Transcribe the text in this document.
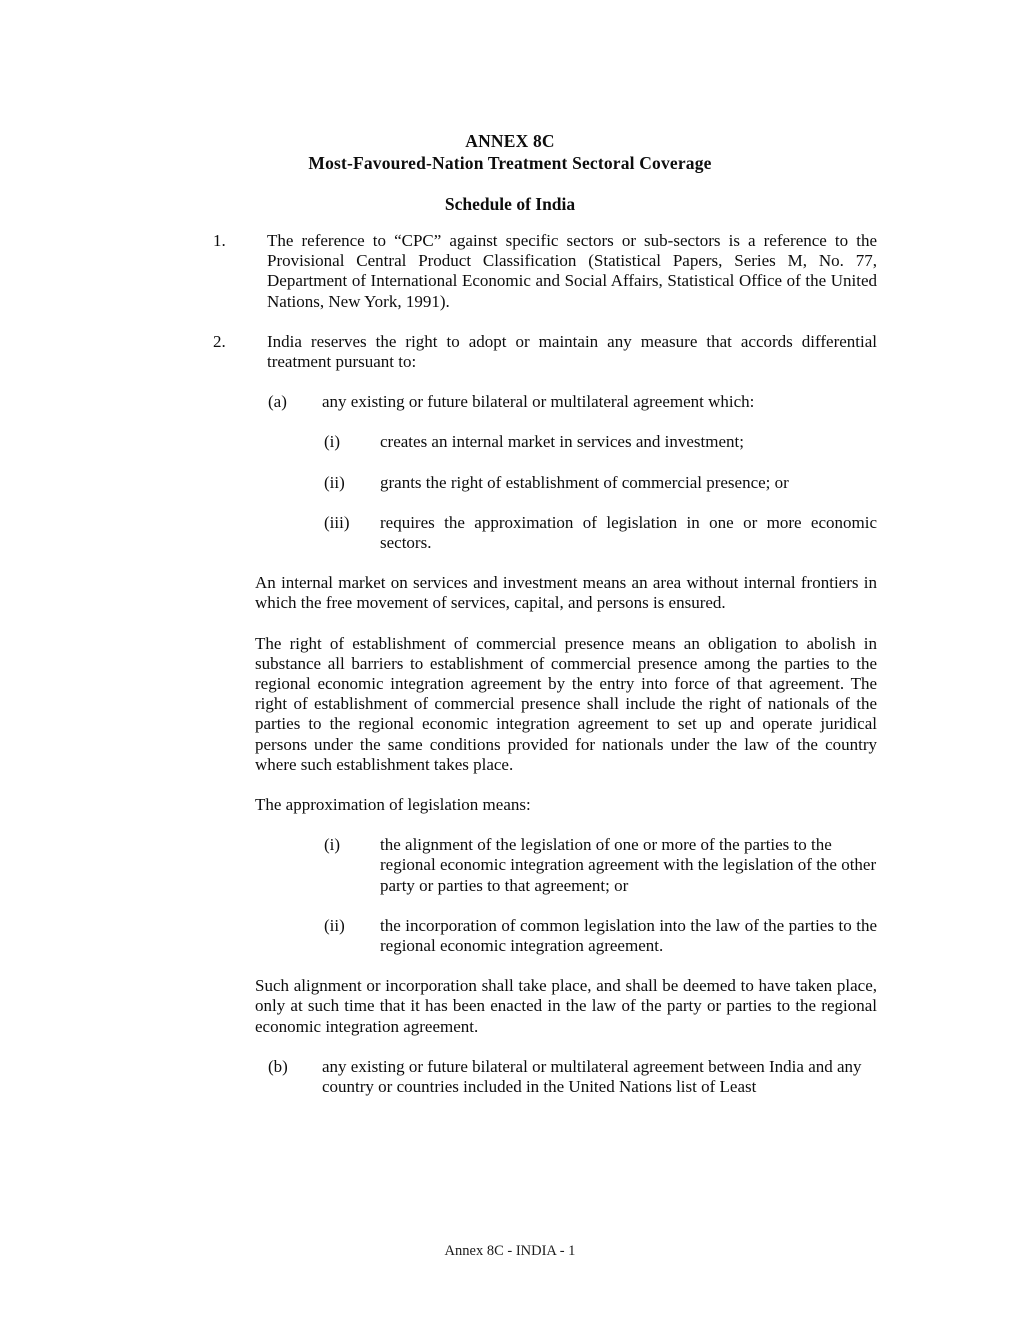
ANNEX 8C
Most-Favoured-Nation Treatment Sectoral Coverage
Schedule of India
1.	The reference to “CPC” against specific sectors or sub-sectors is a reference to the Provisional Central Product Classification (Statistical Papers, Series M, No. 77, Department of International Economic and Social Affairs, Statistical Office of the United Nations, New York, 1991).
2.	India reserves the right to adopt or maintain any measure that accords differential treatment pursuant to:
(a)	any existing or future bilateral or multilateral agreement which:
(i)	creates an internal market in services and investment;
(ii)	grants the right of establishment of commercial presence; or
(iii)	requires the approximation of legislation in one or more economic sectors.
An internal market on services and investment means an area without internal frontiers in which the free movement of services, capital, and persons is ensured.
The right of establishment of commercial presence means an obligation to abolish in substance all barriers to establishment of commercial presence among the parties to the regional economic integration agreement by the entry into force of that agreement. The right of establishment of commercial presence shall include the right of nationals of the parties to the regional economic integration agreement to set up and operate juridical persons under the same conditions provided for nationals under the law of the country where such establishment takes place.
The approximation of legislation means:
(i)	the alignment of the legislation of one or more of the parties to the regional economic integration agreement with the legislation of the other party or parties to that agreement; or
(ii)	the incorporation of common legislation into the law of the parties to the regional economic integration agreement.
Such alignment or incorporation shall take place, and shall be deemed to have taken place, only at such time that it has been enacted in the law of the party or parties to the regional economic integration agreement.
(b)	any existing or future bilateral or multilateral agreement between India and any country or countries included in the United Nations list of Least
Annex 8C - INDIA - 1
